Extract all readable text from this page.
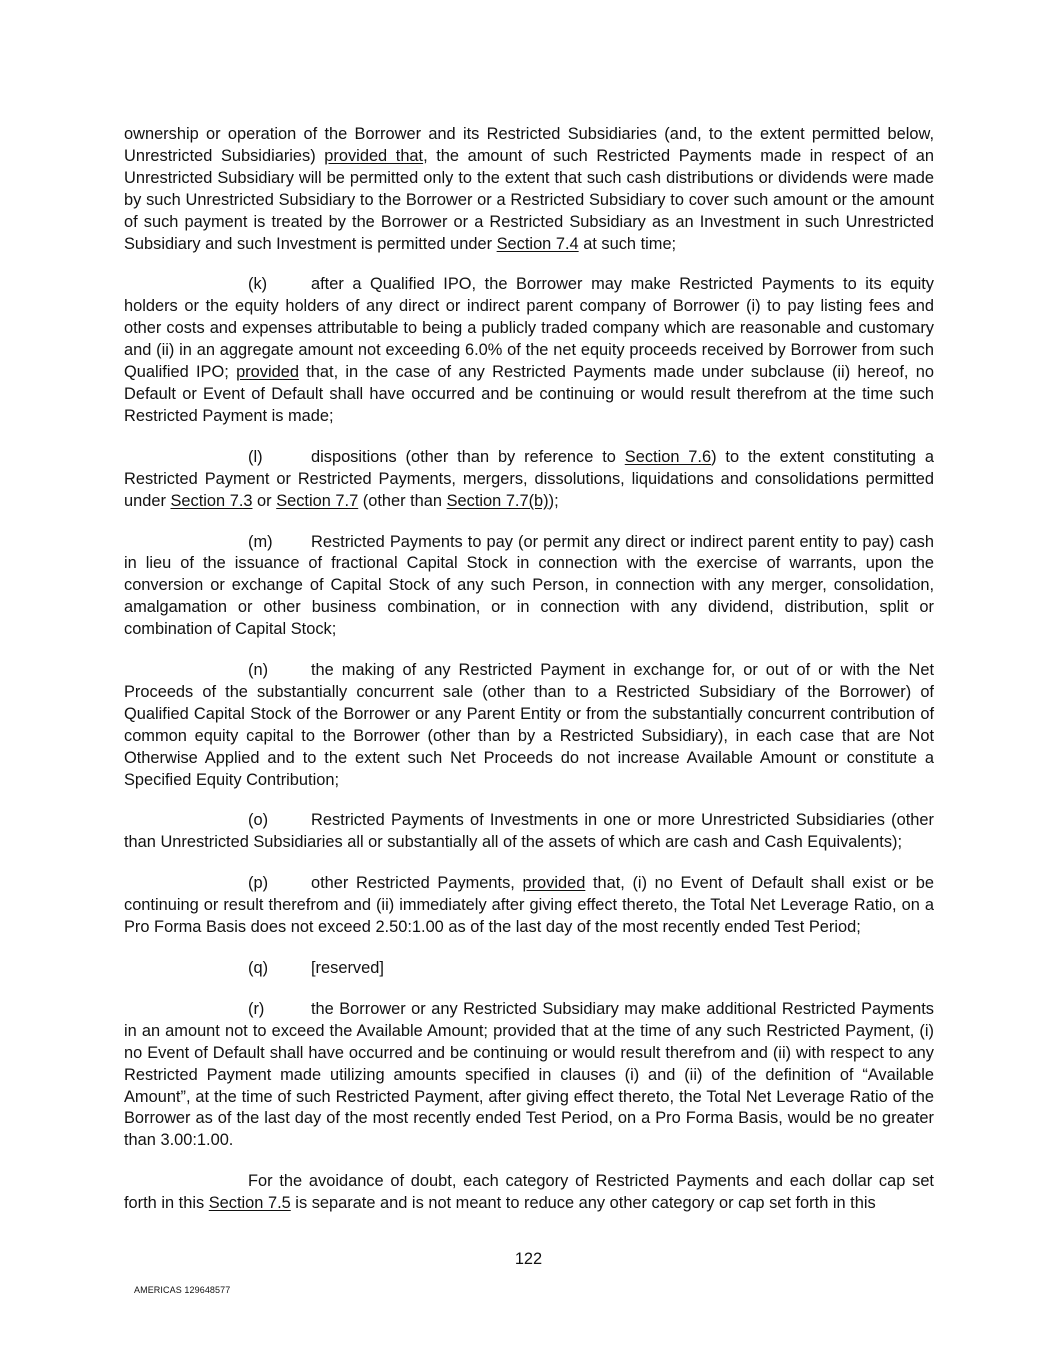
ownership or operation of the Borrower and its Restricted Subsidiaries (and, to the extent permitted below, Unrestricted Subsidiaries) provided that, the amount of such Restricted Payments made in respect of an Unrestricted Subsidiary will be permitted only to the extent that such cash distributions or dividends were made by such Unrestricted Subsidiary to the Borrower or a Restricted Subsidiary to cover such amount or the amount of such payment is treated by the Borrower or a Restricted Subsidiary as an Investment in such Unrestricted Subsidiary and such Investment is permitted under Section 7.4 at such time;

(k)	after a Qualified IPO, the Borrower may make Restricted Payments to its equity holders or the equity holders of any direct or indirect parent company of Borrower (i) to pay listing fees and other costs and expenses attributable to being a publicly traded company which are reasonable and customary and (ii) in an aggregate amount not exceeding 6.0% of the net equity proceeds received by Borrower from such Qualified IPO; provided that, in the case of any Restricted Payments made under subclause (ii) hereof, no Default or Event of Default shall have occurred and be continuing or would result therefrom at the time such Restricted Payment is made;

(l)	dispositions (other than by reference to Section 7.6) to the extent constituting a Restricted Payment or Restricted Payments, mergers, dissolutions, liquidations and consolidations permitted under Section 7.3 or Section 7.7 (other than Section 7.7(b));

(m) Restricted Payments to pay (or permit any direct or indirect parent entity to pay) cash in lieu of the issuance of fractional Capital Stock in connection with the exercise of warrants, upon the conversion or exchange of Capital Stock of any such Person, in connection with any merger, consolidation, amalgamation or other business combination, or in connection with any dividend, distribution, split or combination of Capital Stock;

(n)	the making of any Restricted Payment in exchange for, or out of or with the Net Proceeds of the substantially concurrent sale (other than to a Restricted Subsidiary of the Borrower) of Qualified Capital Stock of the Borrower or any Parent Entity or from the substantially concurrent contribution of common equity capital to the Borrower (other than by a Restricted Subsidiary), in each case that are Not Otherwise Applied and to the extent such Net Proceeds do not increase Available Amount or constitute a Specified Equity Contribution;

(o)	Restricted Payments of Investments in one or more Unrestricted Subsidiaries (other than Unrestricted Subsidiaries all or substantially all of the assets of which are cash and Cash Equivalents);

(p)	other Restricted Payments, provided that, (i) no Event of Default shall exist or be continuing or result therefrom and (ii) immediately after giving effect thereto, the Total Net Leverage Ratio, on a Pro Forma Basis does not exceed 2.50:1.00 as of the last day of the most recently ended Test Period;

(q)	[reserved]

(r)	the Borrower or any Restricted Subsidiary may make additional Restricted Payments in an amount not to exceed the Available Amount; provided that at the time of any such Restricted Payment, (i) no Event of Default shall have occurred and be continuing or would result therefrom and (ii) with respect to any Restricted Payment made utilizing amounts specified in clauses (i) and (ii) of the definition of “Available Amount”, at the time of such Restricted Payment, after giving effect thereto, the Total Net Leverage Ratio of the Borrower as of the last day of the most recently ended Test Period, on a Pro Forma Basis, would be no greater than 3.00:1.00.

For the avoidance of doubt, each category of Restricted Payments and each dollar cap set forth in this Section 7.5 is separate and is not meant to reduce any other category or cap set forth in this

122
AMERICAS 129648577
